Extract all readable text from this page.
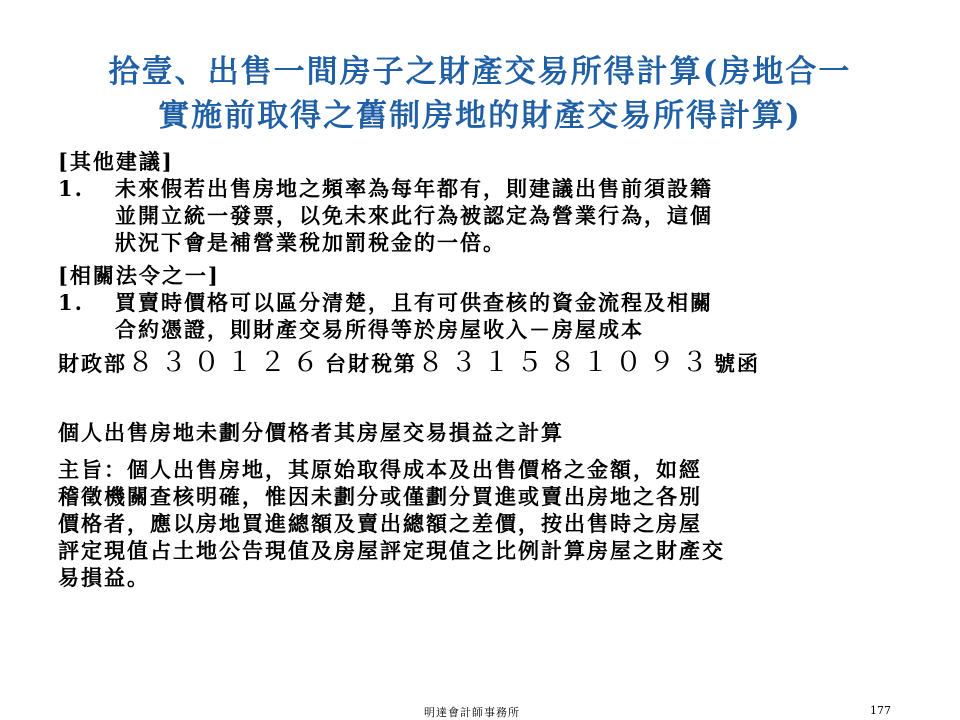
拾壹、出售一間房子之財產交易所得計算(房地合一
實施前取得之舊制房地的財產交易所得計算)
[其他建議]
1.	未來假若出售房地之頻率為每年都有，則建議出售前須設籍
並開立統一發票，以免未來此行為被認定為營業行為，這個
狀況下會是補營業稅加罰稅金的一倍。
[相關法令之一]
1.	買賣時價格可以區分清楚，且有可供查核的資金流程及相關
合約憑證，則財產交易所得等於房屋收入－房屋成本
財政部８３０１２６台財稅第８３１５８１０９３號函
個人出售房地未劃分價格者其房屋交易損益之計算
主旨：個人出售房地，其原始取得成本及出售價格之金額，如經
稽徵機關查核明確，惟因未劃分或僅劃分買進或賣出房地之各別
價格者，應以房地買進總額及賣出總額之差價，按出售時之房屋
評定現值占土地公告現值及房屋評定現值之比例計算房屋之財產交
易損益。
明達會計師事務所	177
